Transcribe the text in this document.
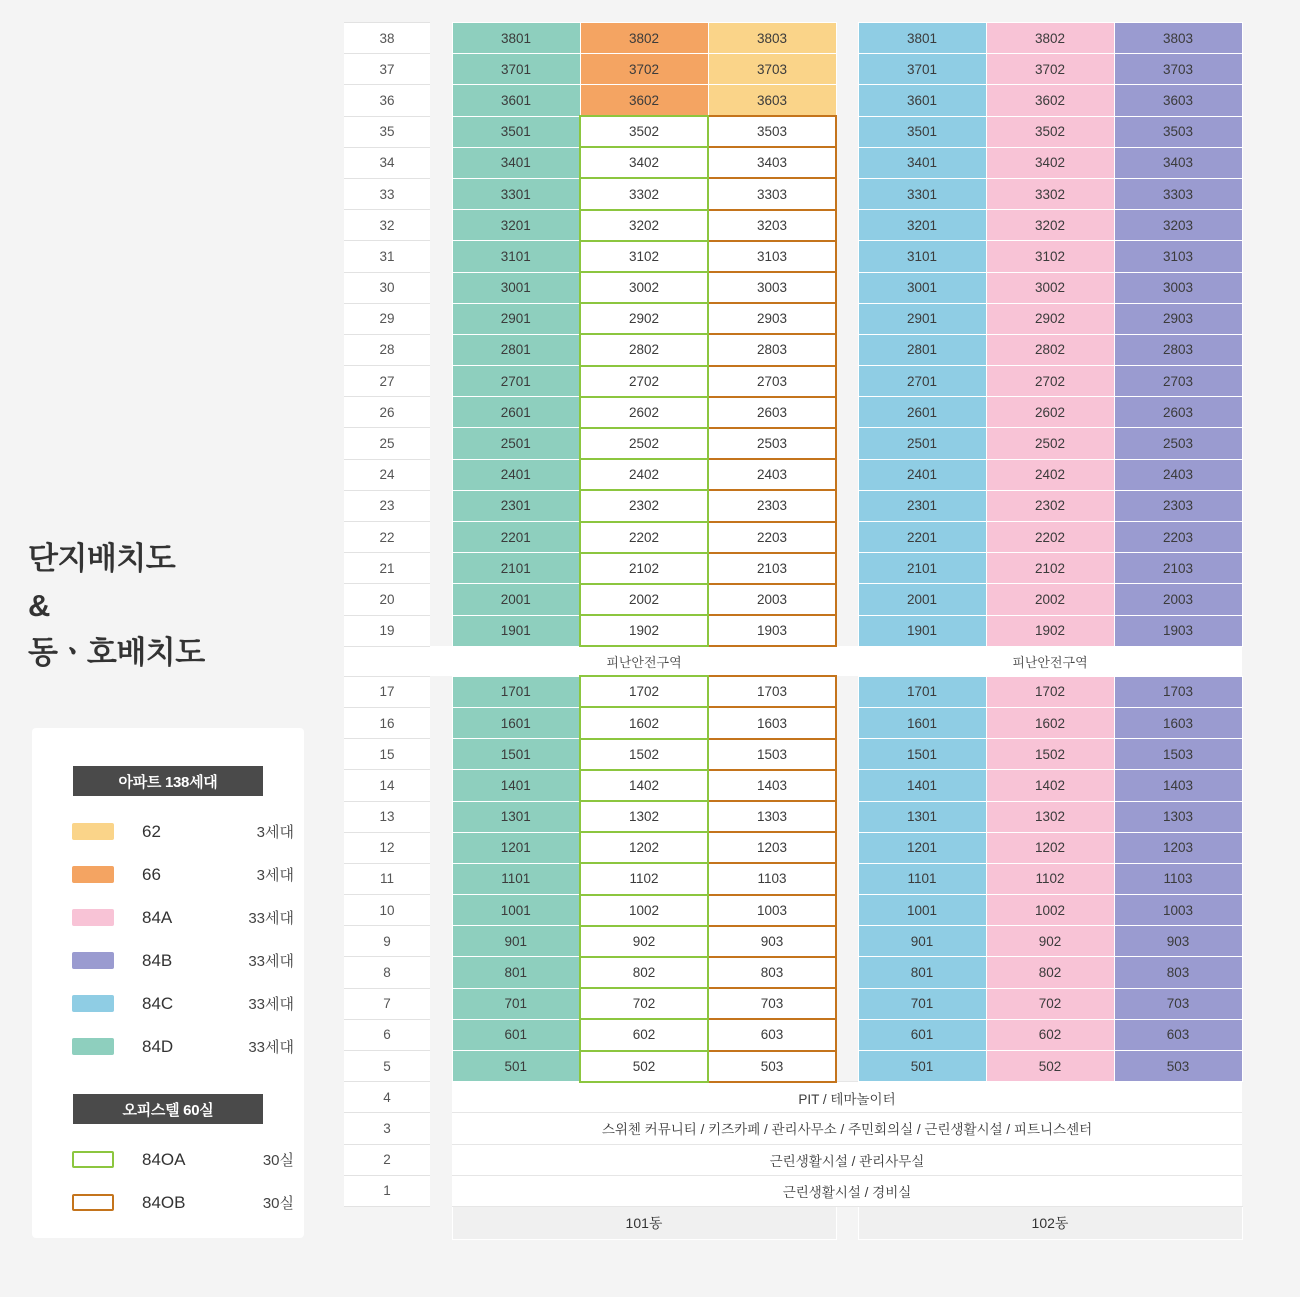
단지배치도
&
동ㆍ호배치도
아파트 138세대
62	3세대
66	3세대
84A	33세대
84B	33세대
84C	33세대
84D	33세대
오피스텔 60실
84OA	30실
84OB	30실
38		3801	3802	3803		3801	3802	3803
37		3701	3702	3703		3701	3702	3703
36		3601	3602	3603		3601	3602	3603
35		3501	3502	3503		3501	3502	3503
34		3401	3402	3403		3401	3402	3403
33		3301	3302	3303		3301	3302	3303
32		3201	3202	3203		3201	3202	3203
31		3101	3102	3103		3101	3102	3103
30		3001	3002	3003		3001	3002	3003
29		2901	2902	2903		2901	2902	2903
28		2801	2802	2803		2801	2802	2803
27		2701	2702	2703		2701	2702	2703
26		2601	2602	2603		2601	2602	2603
25		2501	2502	2503		2501	2502	2503
24		2401	2402	2403		2401	2402	2403
23		2301	2302	2303		2301	2302	2303
22		2201	2202	2203		2201	2202	2203
21		2101	2102	2103		2101	2102	2103
20		2001	2002	2003		2001	2002	2003
19		1901	1902	1903		1901	1902	1903
		피난안전구역				피난안전구역		
17		1701	1702	1703		1701	1702	1703
16		1601	1602	1603		1601	1602	1603
15		1501	1502	1503		1501	1502	1503
14		1401	1402	1403		1401	1402	1403
13		1301	1302	1303		1301	1302	1303
12		1201	1202	1203		1201	1202	1203
11		1101	1102	1103		1101	1102	1103
10		1001	1002	1003		1001	1002	1003
9		901	902	903		901	902	903
8		801	802	803		801	802	803
7		701	702	703		701	702	703
6		601	602	603		601	602	603
5		501	502	503		501	502	503
4		PIT / 테마놀이터						
3		스위첸 커뮤니티 / 키즈카페 / 관리사무소 / 주민회의실 / 근린생활시설 / 피트니스센터						
2		근린생활시설 / 관리사무실						
1		근린생활시설 / 경비실						
		101동				102동		
